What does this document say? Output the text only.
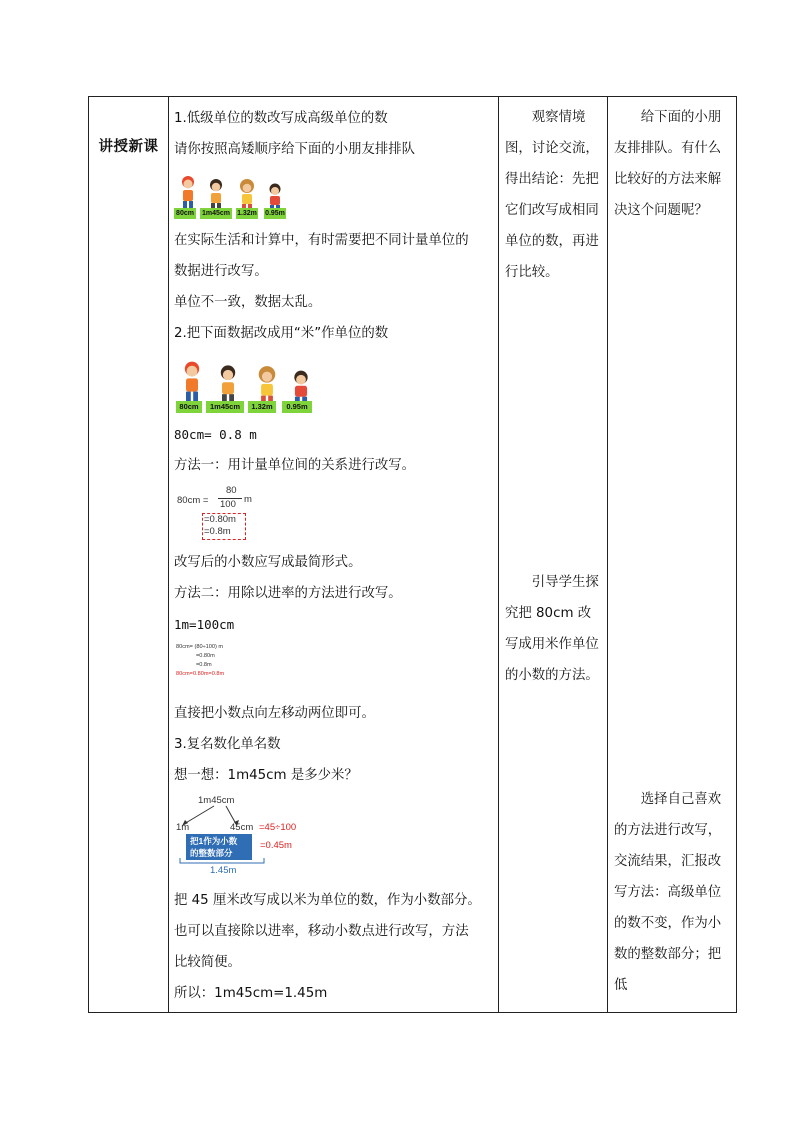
讲授新课	

1.低级单位的数改写成高级单位的数

请你按照高矮顺序给下面的小朋友排排队

80cm 1m45cm 1.32m 0.95m

在实际生活和计算中，有时需要把不同计量单位的

数据进行改写。

单位不一致，数据太乱。

2.把下面数据改成用“米”作单位的数

80cm	1m45cm	1.32m	0.95m

80cm= 0.8 m

方法一：用计量单位间的关系进行改写。

80cm =
80
100 m
=0.80m
=0.8m

改写后的小数应写成最简形式。

方法二：用除以进率的方法进行改写。

1m=100cm

80cm= (80÷100) m
=0.80m
=0.8m
80cm=0.80m=0.8m

直接把小数点向左移动两位即可。

3.复名数化单名数

想一想：1m45cm 是多少米？

1m45cm
1m	45cm =45÷100
把1作为小数
的整数部分
=0.45m
1.45m

把 45 厘米改写成以米为单位的数，作为小数部分。

也可以直接除以进率，移动小数点进行改写，方法

比较简便。

所以：1m45cm=1.45m

观察情境图，讨论交流，得出结论：先把它们改写成相同单位的数，再进行比较。

引导学生探究把 80cm 改写成用米作单位的小数的方法。

给下面的小朋友排排队。有什么比较好的方法来解决这个问题呢？

选择自己喜欢的方法进行改写，交流结果，汇报改写方法：高级单位的数不变，作为小数的整数部分；把低
